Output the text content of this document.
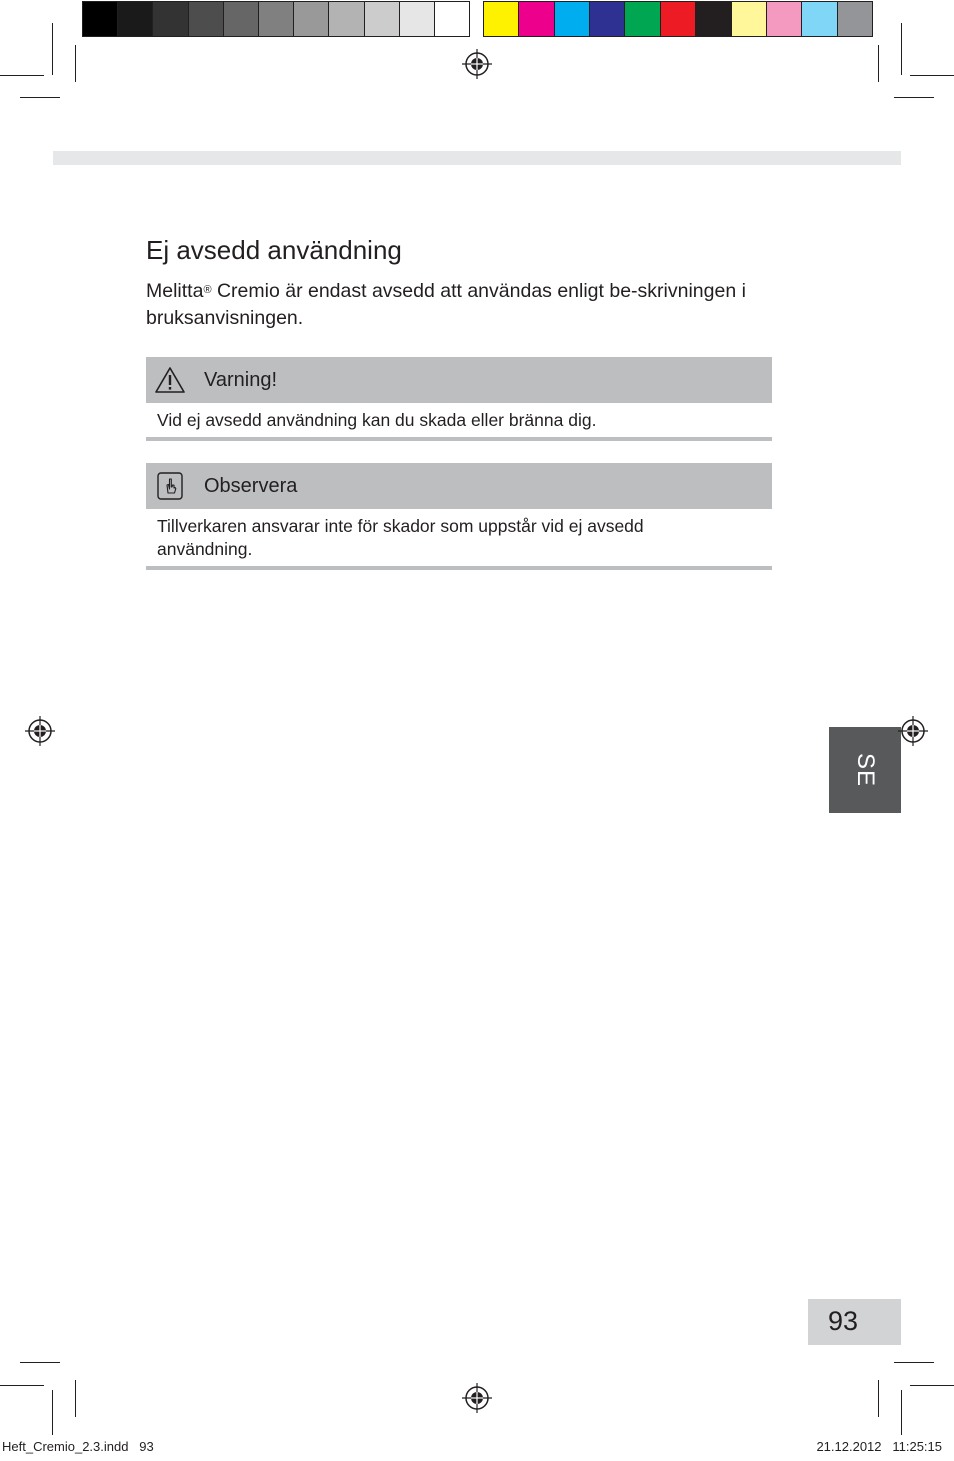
Ej avsedd användning

Melitta® Cremio är endast avsedd att användas enligt be-skrivningen i bruksanvisningen.

Varning!
Vid ej avsedd användning kan du skada eller bränna dig.
Observera
Tillverkaren ansvarar inte för skador som uppstår vid ej avsedd användning.
SE
93
Heft_Cremio_2.3.indd   93	21.12.2012   11:25:15
